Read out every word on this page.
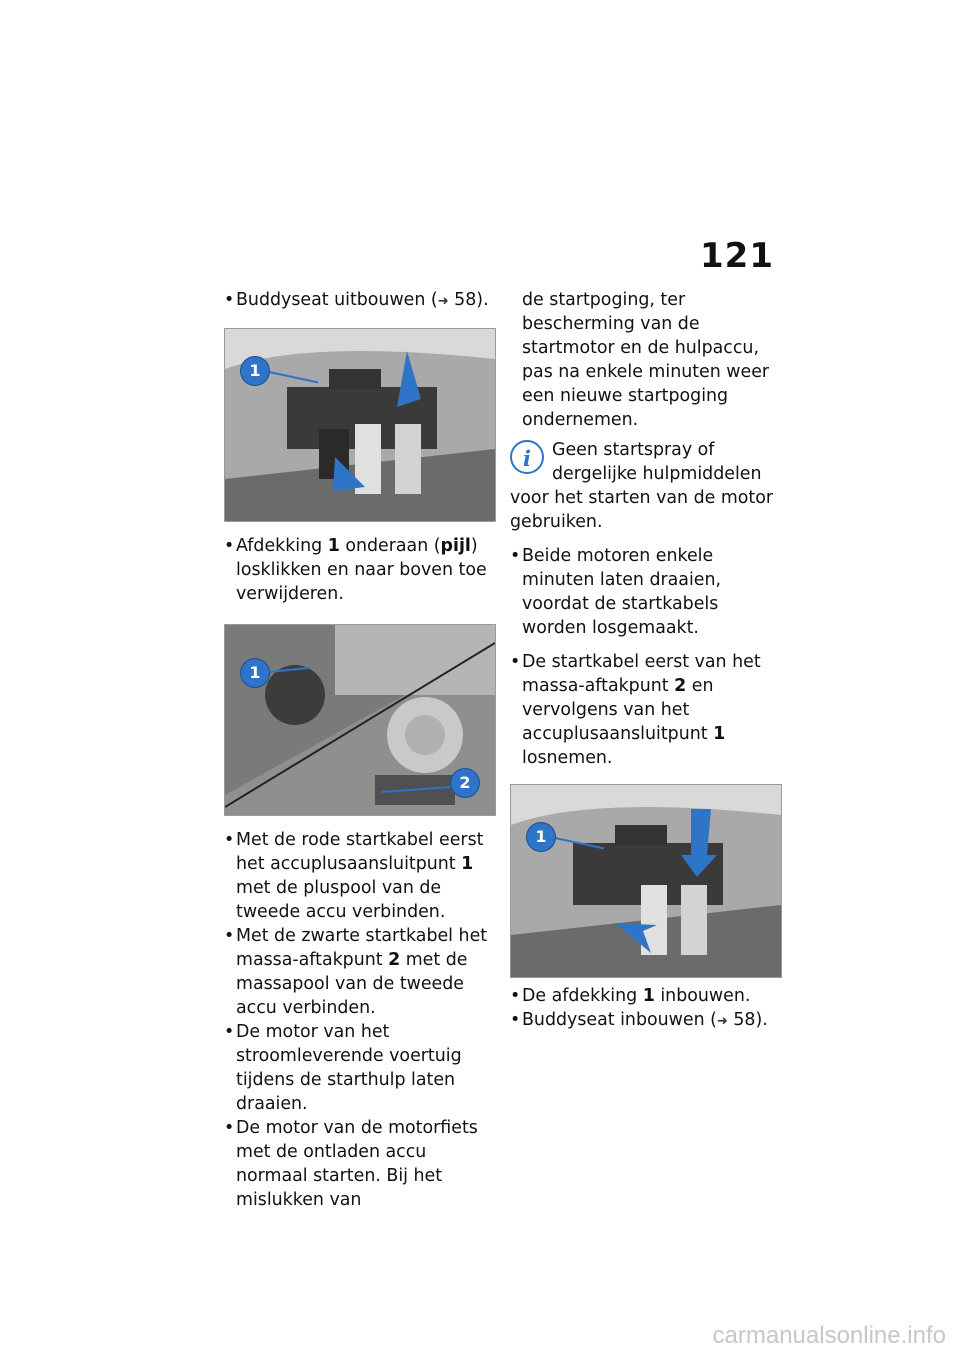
121

• Buddyseat uitbouwen (➜ 58).

1

• Afdekking 1 onderaan (pijl) losklikken en naar boven toe verwijderen.

1
2

• Met de rode startkabel eerst het accuplusaansluitpunt 1 met de pluspool van de tweede accu verbinden.

• Met de zwarte startkabel het massa-aftakpunt 2 met de massapool van de tweede accu verbinden.

• De motor van het stroomleverende voertuig tijdens de starthulp laten draaien.

• De motor van de motorfiets met de ontladen accu normaal starten. Bij het mislukken van

de startpoging, ter bescherming van de startmotor en de hulpaccu, pas na enkele minuten weer een nieuwe startpoging ondernemen.

i	Geen startspray of dergelijke hulpmiddelen voor het starten van de motor gebruiken.

• Beide motoren enkele minuten laten draaien, voordat de startkabels worden losgemaakt.

• De startkabel eerst van het massa-aftakpunt 2 en vervolgens van het accuplusaansluitpunt 1 losnemen.

1

• De afdekking 1 inbouwen.

• Buddyseat inbouwen (➜ 58).

carmanualsonline.info
